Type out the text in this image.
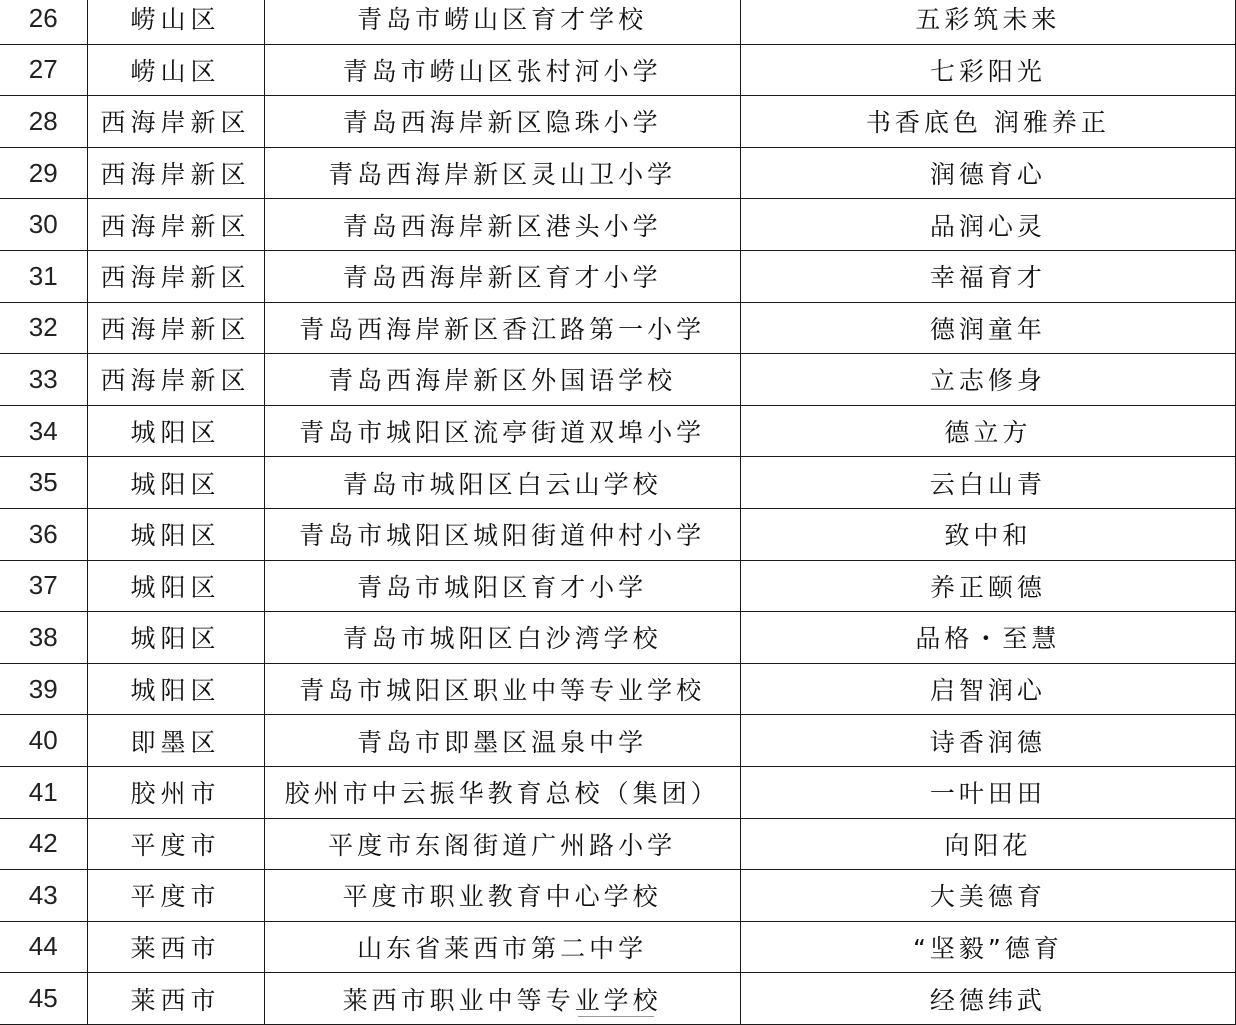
26	崂山区	青岛市崂山区育才学校	五彩筑未来
27	崂山区	青岛市崂山区张村河小学	七彩阳光
28	西海岸新区	青岛西海岸新区隐珠小学	书香底色 润雅养正
29	西海岸新区	青岛西海岸新区灵山卫小学	润德育心
30	西海岸新区	青岛西海岸新区港头小学	品润心灵
31	西海岸新区	青岛西海岸新区育才小学	幸福育才
32	西海岸新区	青岛西海岸新区香江路第一小学	德润童年
33	西海岸新区	青岛西海岸新区外国语学校	立志修身
34	城阳区	青岛市城阳区流亭街道双埠小学	德立方
35	城阳区	青岛市城阳区白云山学校	云白山青
36	城阳区	青岛市城阳区城阳街道仲村小学	致中和
37	城阳区	青岛市城阳区育才小学	养正颐德
38	城阳区	青岛市城阳区白沙湾学校	品格・至慧
39	城阳区	青岛市城阳区职业中等专业学校	启智润心
40	即墨区	青岛市即墨区温泉中学	诗香润德
41	胶州市	胶州市中云振华教育总校（集团）	一叶田田
42	平度市	平度市东阁街道广州路小学	向阳花
43	平度市	平度市职业教育中心学校	大美德育
44	莱西市	山东省莱西市第二中学	“坚毅”德育
45	莱西市	莱西市职业中等专业学校	经德纬武
